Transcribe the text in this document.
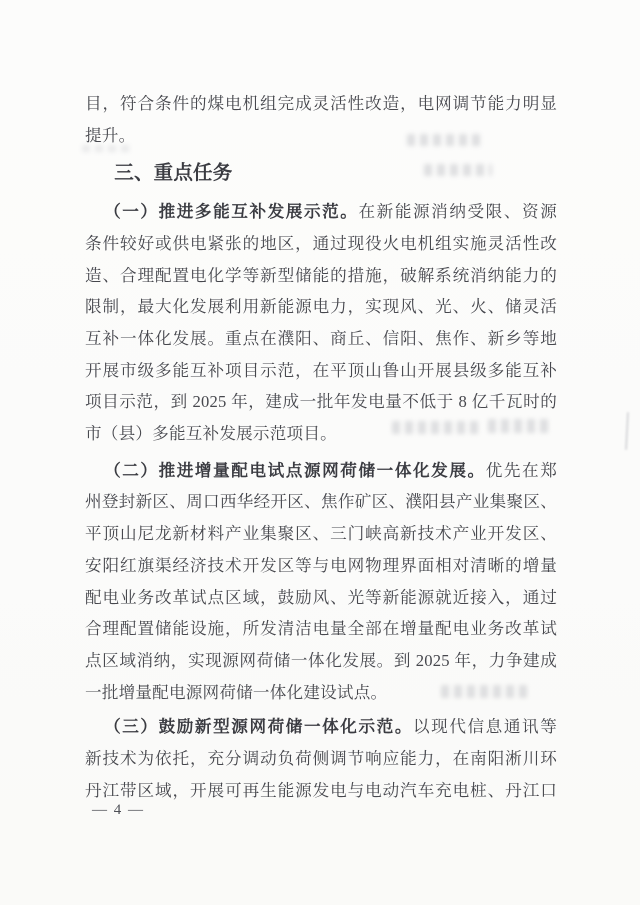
目，符合条件的煤电机组完成灵活性改造，电网调节能力明显
提升。
三、重点任务
（一）推进多能互补发展示范。在新能源消纳受限、资源
条件较好或供电紧张的地区，通过现役火电机组实施灵活性改
造、合理配置电化学等新型储能的措施，破解系统消纳能力的
限制，最大化发展利用新能源电力，实现风、光、火、储灵活
互补一体化发展。重点在濮阳、商丘、信阳、焦作、新乡等地
开展市级多能互补项目示范，在平顶山鲁山开展县级多能互补
项目示范，到 2025 年，建成一批年发电量不低于 8 亿千瓦时的
市（县）多能互补发展示范项目。
（二）推进增量配电试点源网荷储一体化发展。优先在郑
州登封新区、周口西华经开区、焦作矿区、濮阳县产业集聚区、
平顶山尼龙新材料产业集聚区、三门峡高新技术产业开发区、
安阳红旗渠经济技术开发区等与电网物理界面相对清晰的增量
配电业务改革试点区域，鼓励风、光等新能源就近接入，通过
合理配置储能设施，所发清洁电量全部在增量配电业务改革试
点区域消纳，实现源网荷储一体化发展。到 2025 年，力争建成
一批增量配电源网荷储一体化建设试点。
（三）鼓励新型源网荷储一体化示范。以现代信息通讯等
新技术为依托，充分调动负荷侧调节响应能力，在南阳淅川环
丹江带区域，开展可再生能源发电与电动汽车充电桩、丹江口
— 4 —
